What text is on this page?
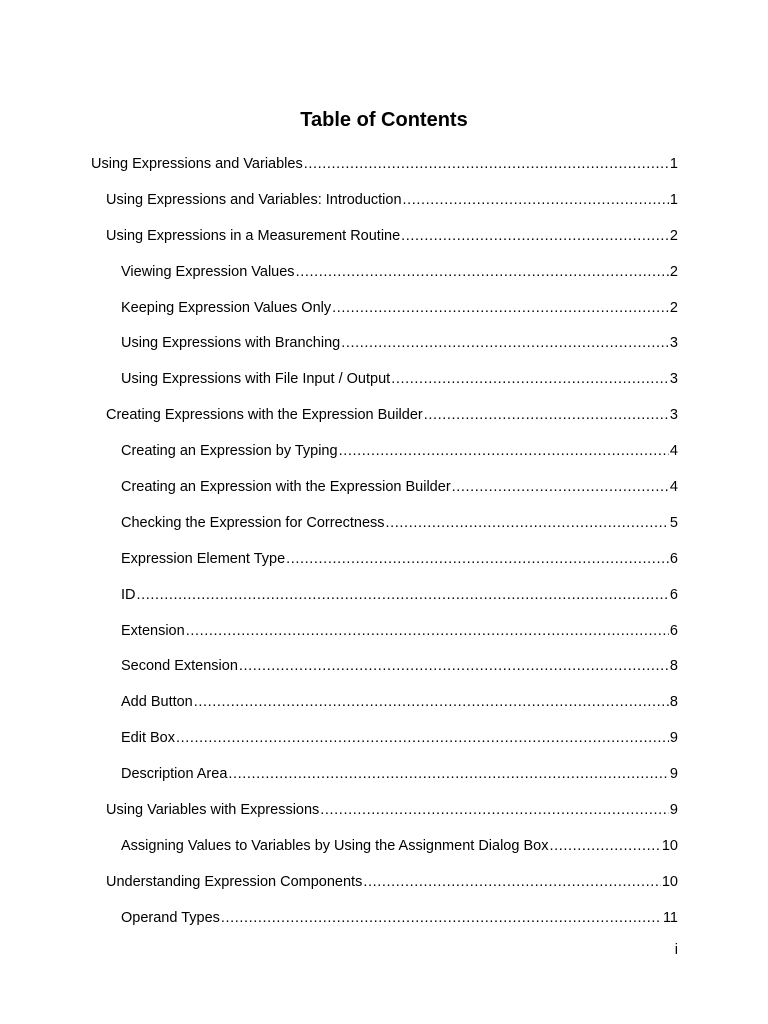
Table of Contents
Using Expressions and Variables .....	1
Using Expressions and Variables: Introduction .....	1
Using Expressions in a Measurement Routine .....	2
Viewing Expression Values .....	2
Keeping Expression Values Only .....	2
Using Expressions with Branching .....	3
Using Expressions with File Input / Output .....	3
Creating Expressions with the Expression Builder .....	3
Creating an Expression by Typing .....	4
Creating an Expression with the Expression Builder .....	4
Checking the Expression for Correctness .....	5
Expression Element Type .....	6
ID .....	6
Extension .....	6
Second Extension .....	8
Add Button .....	8
Edit Box .....	9
Description Area .....	9
Using Variables with Expressions .....	9
Assigning Values to Variables by Using the Assignment Dialog Box .....	10
Understanding Expression Components .....	10
Operand Types .....	11
i
